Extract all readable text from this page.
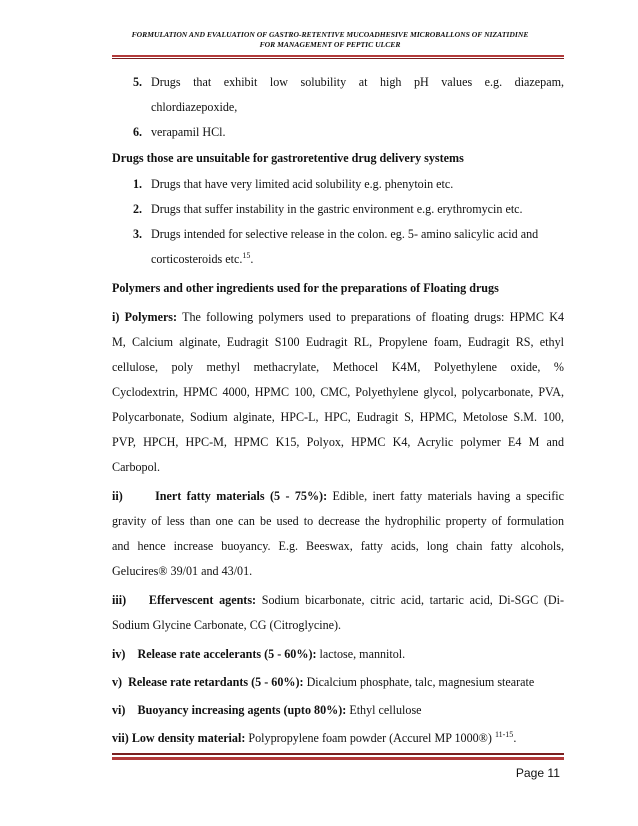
FORMULATION AND EVALUATION OF GASTRO-RETENTIVE MUCOADHESIVE MICROBALLONS OF NIZATIDINE
FOR MANAGEMENT OF PEPTIC ULCER
5. Drugs that exhibit low solubility at high pH values e.g. diazepam,
chlordiazepoxide,
6. verapamil HCl.
Drugs those are unsuitable for gastroretentive drug delivery systems
1. Drugs that have very limited acid solubility e.g. phenytoin etc.
2. Drugs that suffer instability in the gastric environment e.g. erythromycin etc.
3. Drugs intended for selective release in the colon. eg. 5- amino salicylic acid and
corticosteroids etc.$^{15}$.
Polymers and other ingredients used for the preparations of Floating drugs
i) Polymers: The following polymers used to preparations of floating drugs: HPMC K4
M, Calcium alginate, Eudragit S100 Eudragit RL, Propylene foam, Eudragit RS, ethyl
cellulose, poly methyl methacrylate, Methocel K4M, Polyethylene oxide, %
Cyclodextrin, HPMC 4000, HPMC 100, CMC, Polyethylene glycol, polycarbonate, PVA,
Polycarbonate, Sodium alginate, HPC-L, HPC, Eudragit S, HPMC, Metolose S.M. 100,
PVP, HPCH, HPC-M, HPMC K15, Polyox, HPMC K4, Acrylic polymer E4 M and
Carbopol.
ii)      Inert fatty materials (5 - 75%): Edible, inert fatty materials having a specific
gravity of less than one can be used to decrease the hydrophilic property of formulation
and hence increase buoyancy. E.g. Beeswax, fatty acids, long chain fatty alcohols,
Gelucires® 39/01 and 43/01.
iii)    Effervescent agents: Sodium bicarbonate, citric acid, tartaric acid, Di-SGC (Di-
Sodium Glycine Carbonate, CG (Citroglycine).
iv)    Release rate accelerants (5 - 60%): lactose, mannitol.
v)  Release rate retardants (5 - 60%): Dicalcium phosphate, talc, magnesium stearate
vi)    Buoyancy increasing agents (upto 80%): Ethyl cellulose
vii) Low density material: Polypropylene foam powder (Accurel MP 1000®) $^{11-15}$.
Page 11
